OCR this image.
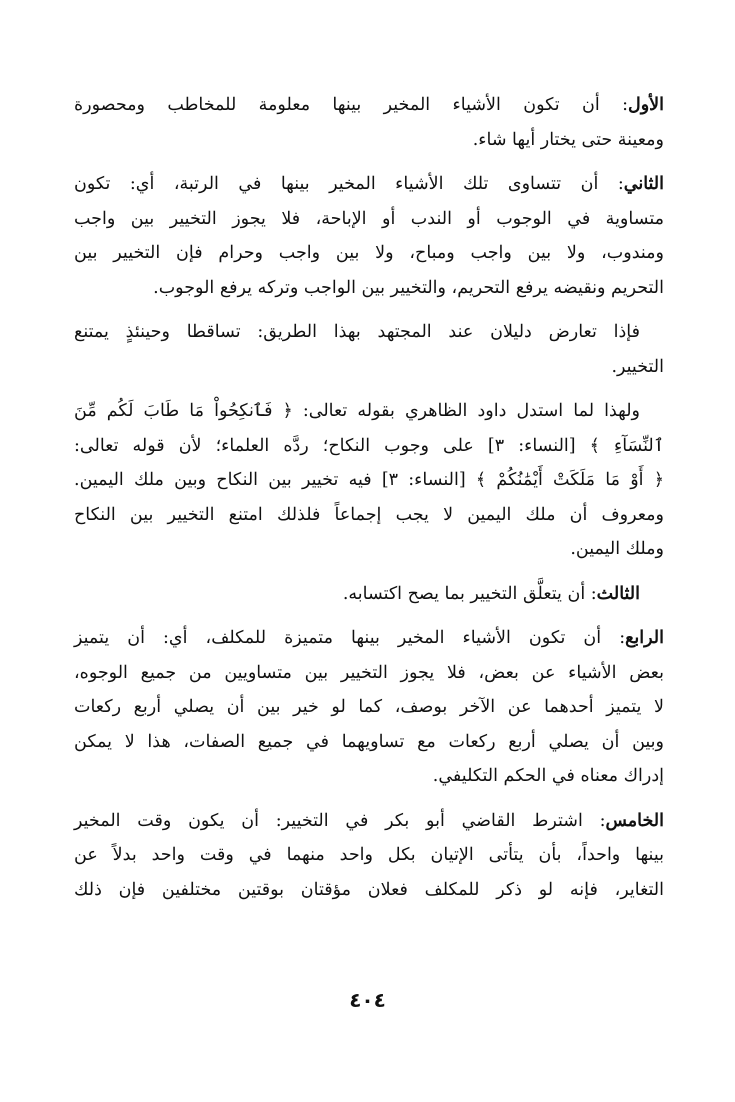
الأول: أن تكون الأشياء المخير بينها معلومة للمخاطب ومحصورة
ومعينة حتى يختار أيها شاء.
الثاني: أن تتساوى تلك الأشياء المخير بينها في الرتبة، أي: تكون
متساوية في الوجوب أو الندب أو الإباحة، فلا يجوز التخيير بين واجب
ومندوب، ولا بين واجب ومباح، ولا بين واجب وحرام فإن التخيير بين
التحريم ونقيضه يرفع التحريم، والتخيير بين الواجب وتركه يرفع الوجوب.
فإذا تعارض دليلان عند المجتهد بهذا الطريق: تساقطا وحينئذٍ يمتنع
التخيير.
ولهذا لما استدل داود الظاهري بقوله تعالى: ﴿ فَٱنكِحُواْ مَا طَابَ لَكُم مِّنَ
ٱلنِّسَآءِ ﴾ [النساء: ٣] على وجوب النكاح؛ ردَّه العلماء؛ لأن قوله تعالى:
﴿ أَوْ مَا مَلَكَتْ أَيْمَٰنُكُمْ ﴾ [النساء: ٣] فيه تخيير بين النكاح وبين ملك اليمين.
ومعروف أن ملك اليمين لا يجب إجماعاً فلذلك امتنع التخيير بين النكاح
وملك اليمين.
الثالث: أن يتعلَّق التخيير بما يصح اكتسابه.
الرابع: أن تكون الأشياء المخير بينها متميزة للمكلف، أي: أن يتميز
بعض الأشياء عن بعض، فلا يجوز التخيير بين متساويين من جميع الوجوه،
لا يتميز أحدهما عن الآخر بوصف، كما لو خير بين أن يصلي أربع ركعات
وبين أن يصلي أربع ركعات مع تساويهما في جميع الصفات، هذا لا يمكن
إدراك معناه في الحكم التكليفي.
الخامس: اشترط القاضي أبو بكر في التخيير: أن يكون وقت المخير
بينها واحداً، بأن يتأتى الإتيان بكل واحد منهما في وقت واحد بدلاً عن
التغاير، فإنه لو ذكر للمكلف فعلان مؤقتان بوقتين مختلفين فإن ذلك
٤٠٤
